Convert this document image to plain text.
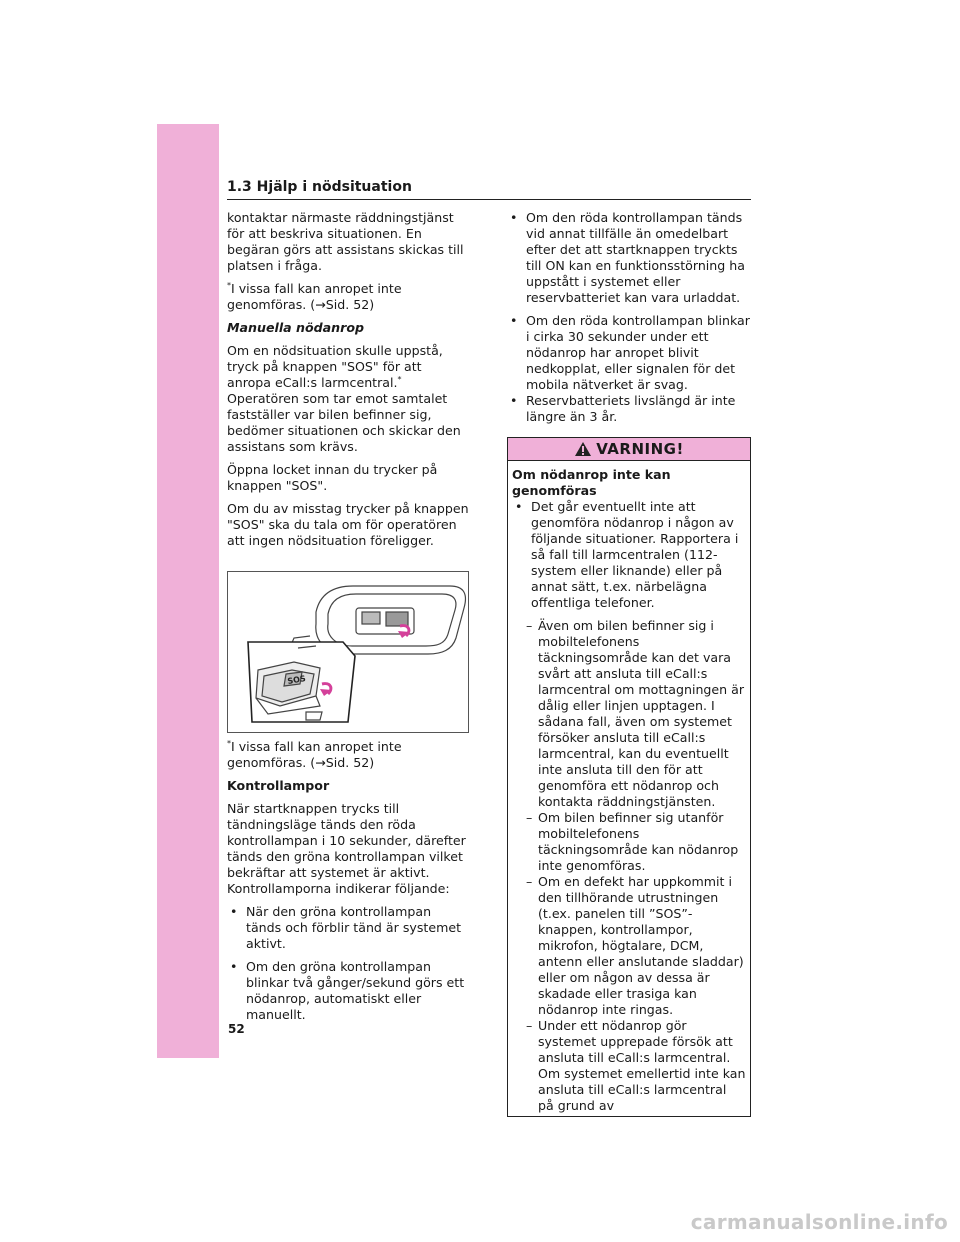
1.3 Hjälp i nödsituation

kontaktar närmaste räddningstjänst för att beskriva situationen. En begäran görs att assistans skickas till platsen i fråga.

*I vissa fall kan anropet inte genomföras. (→Sid. 52)

Manuella nödanrop

Om en nödsituation skulle uppstå, tryck på knappen "SOS" för att anropa eCall:s larmcentral.* Operatören som tar emot samtalet fastställer var bilen befinner sig, bedömer situationen och skickar den assistans som krävs.

Öppna locket innan du trycker på knappen "SOS".

Om du av misstag trycker på knappen "SOS" ska du tala om för operatören att ingen nödsituation föreligger.

SOS

*I vissa fall kan anropet inte genomföras. (→Sid. 52)

Kontrollampor

När startknappen trycks till tändningsläge tänds den röda kontrollampan i 10 sekunder, därefter tänds den gröna kontrollampan vilket bekräftar att systemet är aktivt. Kontrollamporna indikerar följande:

• När den gröna kontrollampan tänds och förblir tänd är systemet aktivt.
• Om den gröna kontrollampan blinkar två gånger/sekund görs ett nödanrop, automatiskt eller manuellt.
• Om den röda kontrollampan tänds vid annat tillfälle än omedelbart efter det att startknappen tryckts till ON kan en funktionsstörning ha uppstått i systemet eller reservbatteriet kan vara urladdat.
• Om den röda kontrollampan blinkar i cirka 30 sekunder under ett nödanrop har anropet blivit nedkopplat, eller signalen för det mobila nätverket är svag.
• Reservbatteriets livslängd är inte längre än 3 år.
VARNING!
Om nödanrop inte kan genomföras
• Det går eventuellt inte att genomföra nödanrop i någon av följande situationer. Rapportera i så fall till larmcentralen (112-system eller liknande) eller på annat sätt, t.ex. närbelägna offentliga telefoner.
– Även om bilen befinner sig i mobiltelefonens täckningsområde kan det vara svårt att ansluta till eCall:s larmcentral om mottagningen är dålig eller linjen upptagen. I sådana fall, även om systemet försöker ansluta till eCall:s larmcentral, kan du eventuellt inte ansluta till den för att genomföra ett nödanrop och kontakta räddningstjänsten.
– Om bilen befinner sig utanför mobiltelefonens täckningsområde kan nödanrop inte genomföras.
– Om en defekt har uppkommit i den tillhörande utrustningen (t.ex. panelen till ”SOS”-knappen, kontrollampor, mikrofon, högtalare, DCM, antenn eller anslutande sladdar) eller om någon av dessa är skadade eller trasiga kan nödanrop inte ringas.
– Under ett nödanrop gör systemet upprepade försök att ansluta till eCall:s larmcentral. Om systemet emellertid inte kan ansluta till eCall:s larmcentral på grund av
52
carmanualsonline.info
